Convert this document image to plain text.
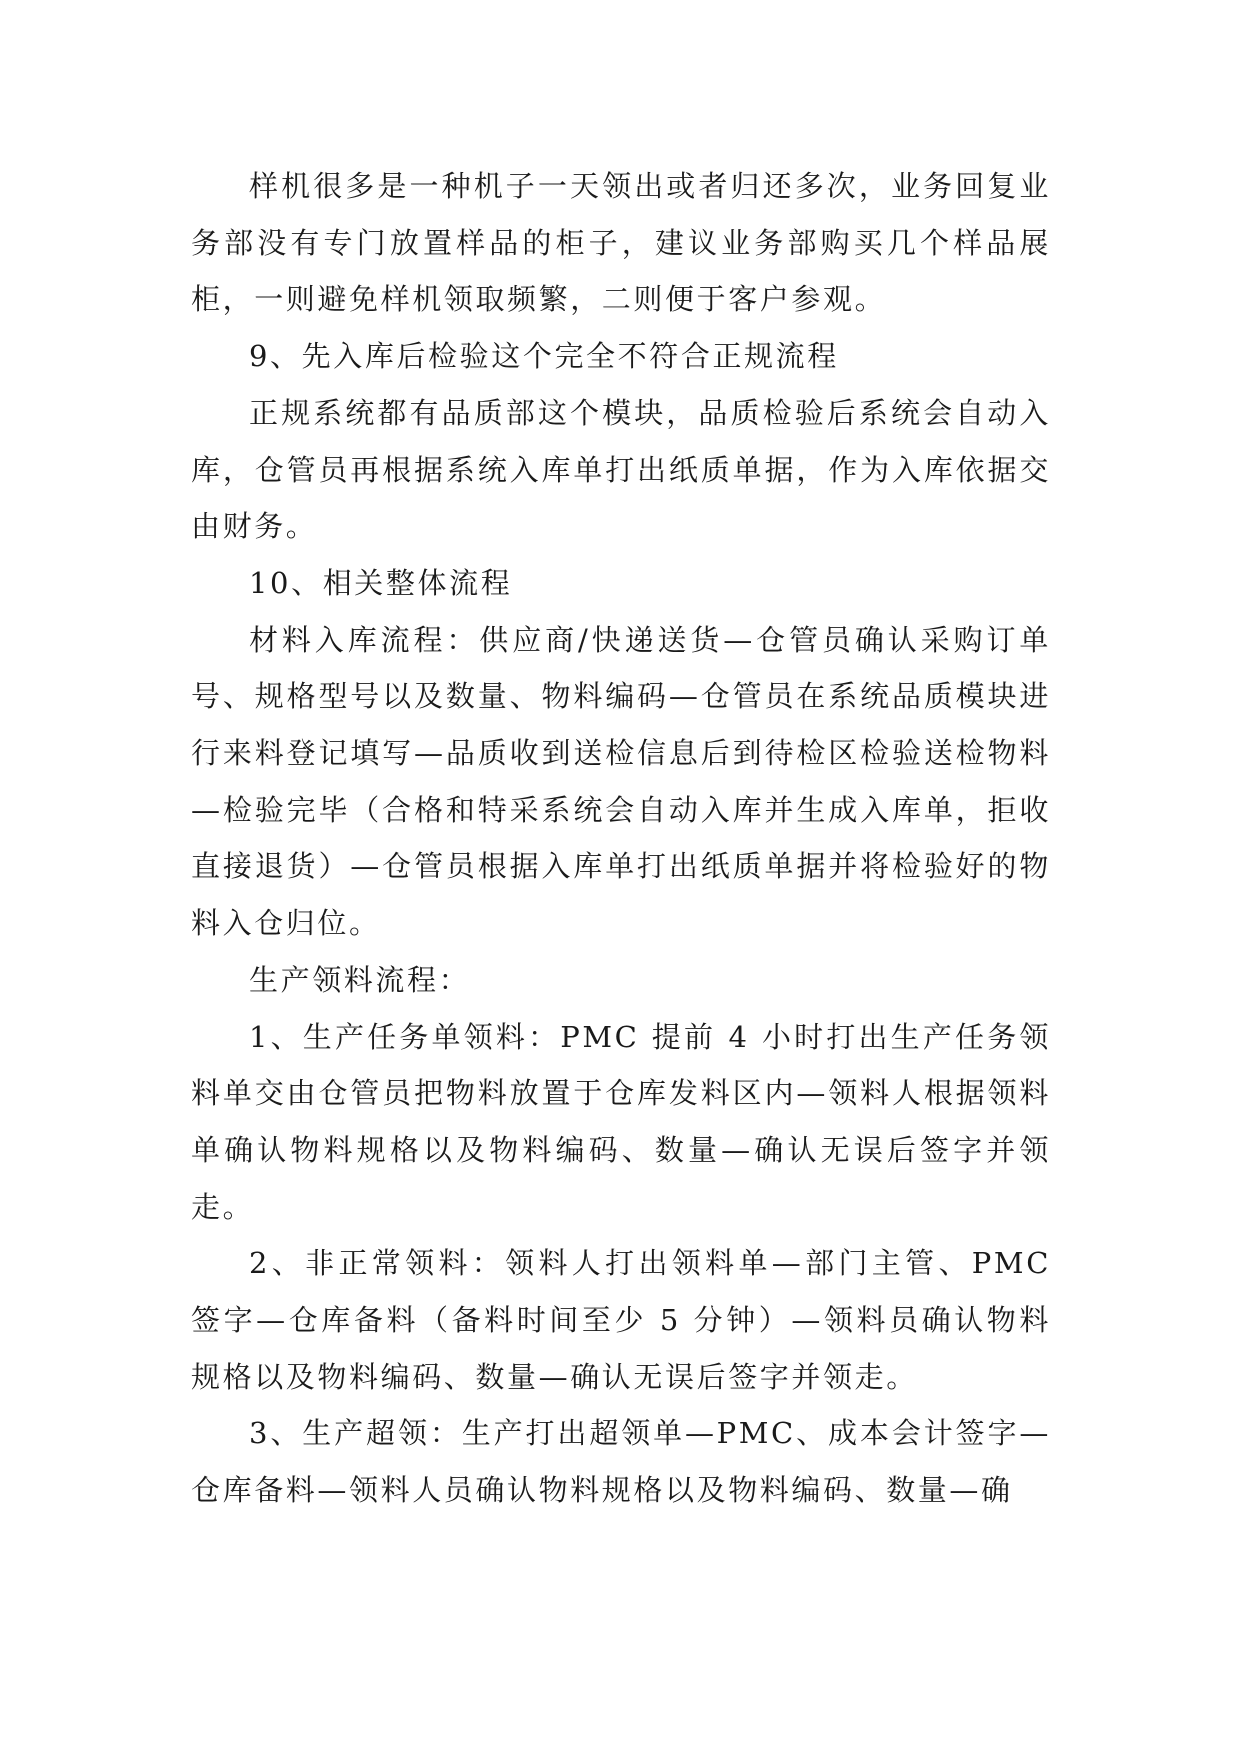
样机很多是一种机子一天领出或者归还多次，业务回复业务部没有专门放置样品的柜子，建议业务部购买几个样品展柜，一则避免样机领取频繁，二则便于客户参观。

9、先入库后检验这个完全不符合正规流程

正规系统都有品质部这个模块，品质检验后系统会自动入库，仓管员再根据系统入库单打出纸质单据，作为入库依据交由财务。

10、相关整体流程

材料入库流程：供应商/快递送货—仓管员确认采购订单号、规格型号以及数量、物料编码—仓管员在系统品质模块进行来料登记填写—品质收到送检信息后到待检区检验送检物料—检验完毕（合格和特采系统会自动入库并生成入库单，拒收直接退货）—仓管员根据入库单打出纸质单据并将检验好的物料入仓归位。

生产领料流程：

1、生产任务单领料：PMC 提前 4 小时打出生产任务领料单交由仓管员把物料放置于仓库发料区内—领料人根据领料单确认物料规格以及物料编码、数量—确认无误后签字并领走。

2、非正常领料：领料人打出领料单—部门主管、PMC 签字—仓库备料（备料时间至少 5 分钟）—领料员确认物料规格以及物料编码、数量—确认无误后签字并领走。

3、生产超领：生产打出超领单—PMC、成本会计签字—仓库备料—领料人员确认物料规格以及物料编码、数量—确
